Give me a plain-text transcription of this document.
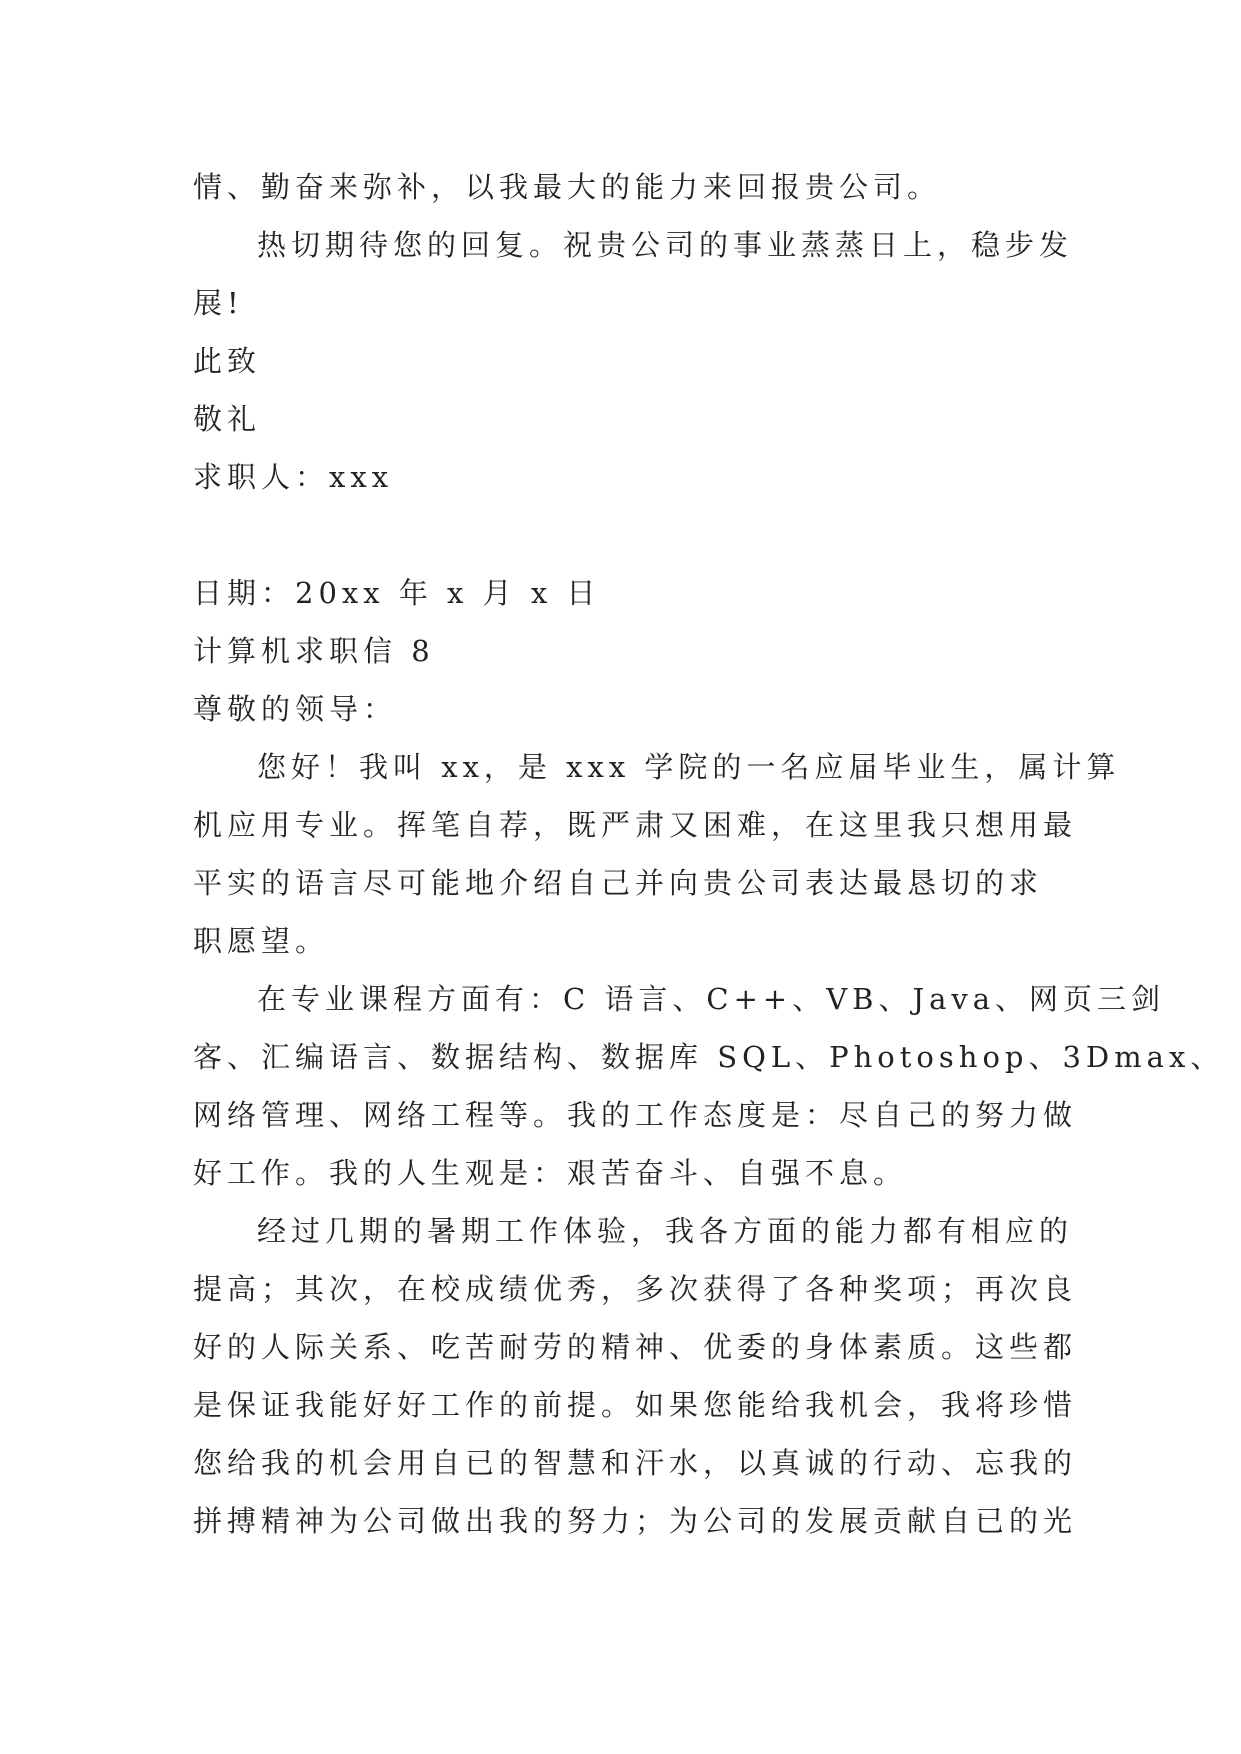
情、勤奋来弥补，以我最大的能力来回报贵公司。
热切期待您的回复。祝贵公司的事业蒸蒸日上，稳步发
展!
此致
敬礼
求职人：xxx
日期：20xx 年 x 月 x 日
计算机求职信 8
尊敬的领导：
您好！我叫 xx，是 xxx 学院的一名应届毕业生，属计算
机应用专业。挥笔自荐，既严肃又困难，在这里我只想用最
平实的语言尽可能地介绍自己并向贵公司表达最恳切的求
职愿望。
在专业课程方面有：C 语言、C++、VB、Java、网页三剑
客、汇编语言、数据结构、数据库 SQL、Photoshop、3Dmax、
网络管理、网络工程等。我的工作态度是：尽自己的努力做
好工作。我的人生观是：艰苦奋斗、自强不息。
经过几期的暑期工作体验，我各方面的能力都有相应的
提高；其次，在校成绩优秀，多次获得了各种奖项；再次良
好的人际关系、吃苦耐劳的精神、优委的身体素质。这些都
是保证我能好好工作的前提。如果您能给我机会，我将珍惜
您给我的机会用自已的智慧和汗水，以真诚的行动、忘我的
拼搏精神为公司做出我的努力；为公司的发展贡献自已的光
